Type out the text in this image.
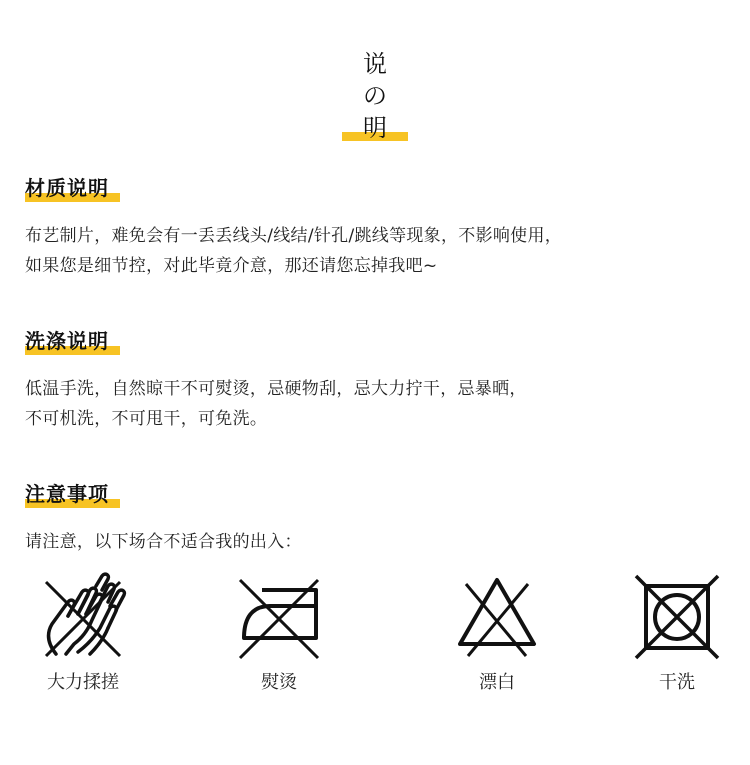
说
の
明
材质说明
布艺制片，难免会有一丢丢线头/线结/针孔/跳线等现象，不影响使用，
如果您是细节控，对此毕竟介意，那还请您忘掉我吧~
洗涤说明
低温手洗，自然晾干不可熨烫，忌硬物刮，忌大力拧干，忌暴晒，
不可机洗，不可甩干，可免洗。
注意事项
请注意，以下场合不适合我的出入：
大力揉搓	熨烫	漂白	干洗
